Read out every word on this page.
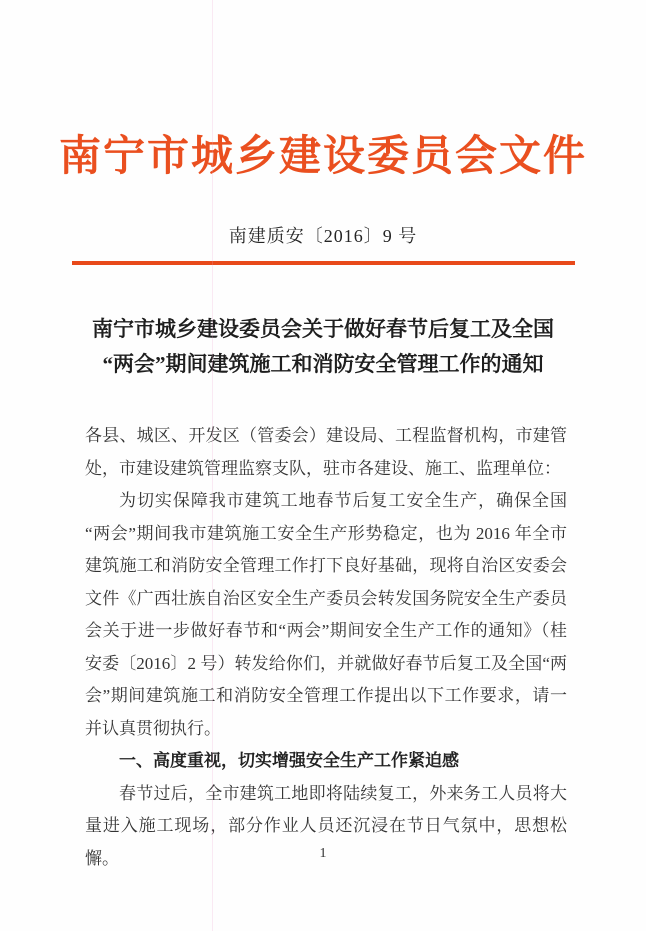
南宁市城乡建设委员会文件
南建质安〔2016〕9 号
南宁市城乡建设委员会关于做好春节后复工及全国
“两会”期间建筑施工和消防安全管理工作的通知

各县、城区、开发区（管委会）建设局、工程监督机构，市建管处，市建设建筑管理监察支队，驻市各建设、施工、监理单位：

为切实保障我市建筑工地春节后复工安全生产，确保全国“两会”期间我市建筑施工安全生产形势稳定，也为 2016 年全市建筑施工和消防安全管理工作打下良好基础，现将自治区安委会文件《广西壮族自治区安全生产委员会转发国务院安全生产委员会关于进一步做好春节和“两会”期间安全生产工作的通知》（桂安委〔2016〕2 号）转发给你们，并就做好春节后复工及全国“两会”期间建筑施工和消防安全管理工作提出以下工作要求，请一并认真贯彻执行。

一、高度重视，切实增强安全生产工作紧迫感

春节过后，全市建筑工地即将陆续复工，外来务工人员将大量进入施工现场，部分作业人员还沉浸在节日气氛中，思想松懈。	1
